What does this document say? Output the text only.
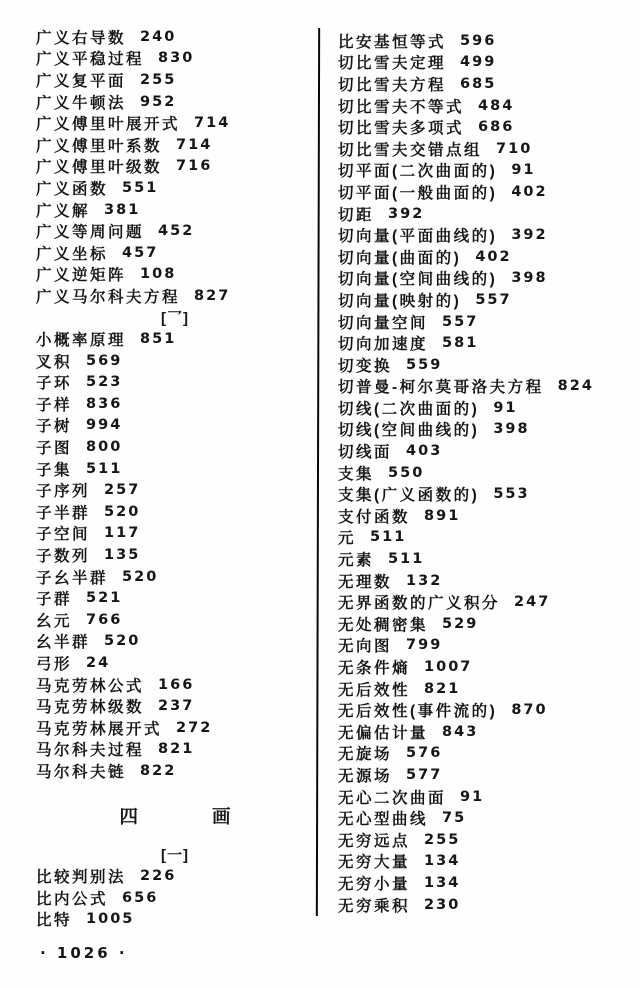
广义右导数 240
广义平稳过程 830
广义复平面 255
广义牛顿法 952
广义傅里叶展开式 714
广义傅里叶系数 714
广义傅里叶级数 716
广义函数 551
广义解 381
广义等周问题 452
广义坐标 457
广义逆矩阵 108
广义马尔科夫方程 827
[乛]
小概率原理 851
叉积 569
子环 523
子样 836
子树 994
子图 800
子集 511
子序列 257
子半群 520
子空间 117
子数列 135
子幺半群 520
子群 521
幺元 766
幺半群 520
弓形 24
马克劳林公式 166
马克劳林级数 237
马克劳林展开式 272
马尔科夫过程 821
马尔科夫链 822
四	画
[一]
比较判别法 226
比内公式 656
比特 1005
比安基恒等式 596
切比雪夫定理 499
切比雪夫方程 685
切比雪夫不等式 484
切比雪夫多项式 686
切比雪夫交错点组 710
切平面(二次曲面的) 91
切平面(一般曲面的) 402
切距 392
切向量(平面曲线的) 392
切向量(曲面的) 402
切向量(空间曲线的) 398
切向量(映射的) 557
切向量空间 557
切向加速度 581
切变换 559
切普曼-柯尔莫哥洛夫方程 824
切线(二次曲面的) 91
切线(空间曲线的) 398
切线面 403
支集 550
支集(广义函数的) 553
支付函数 891
元 511
元素 511
无理数 132
无界函数的广义积分 247
无处稠密集 529
无向图 799
无条件熵 1007
无后效性 821
无后效性(事件流的) 870
无偏估计量 843
无旋场 576
无源场 577
无心二次曲面 91
无心型曲线 75
无穷远点 255
无穷大量 134
无穷小量 134
无穷乘积 230
· 1026 ·
